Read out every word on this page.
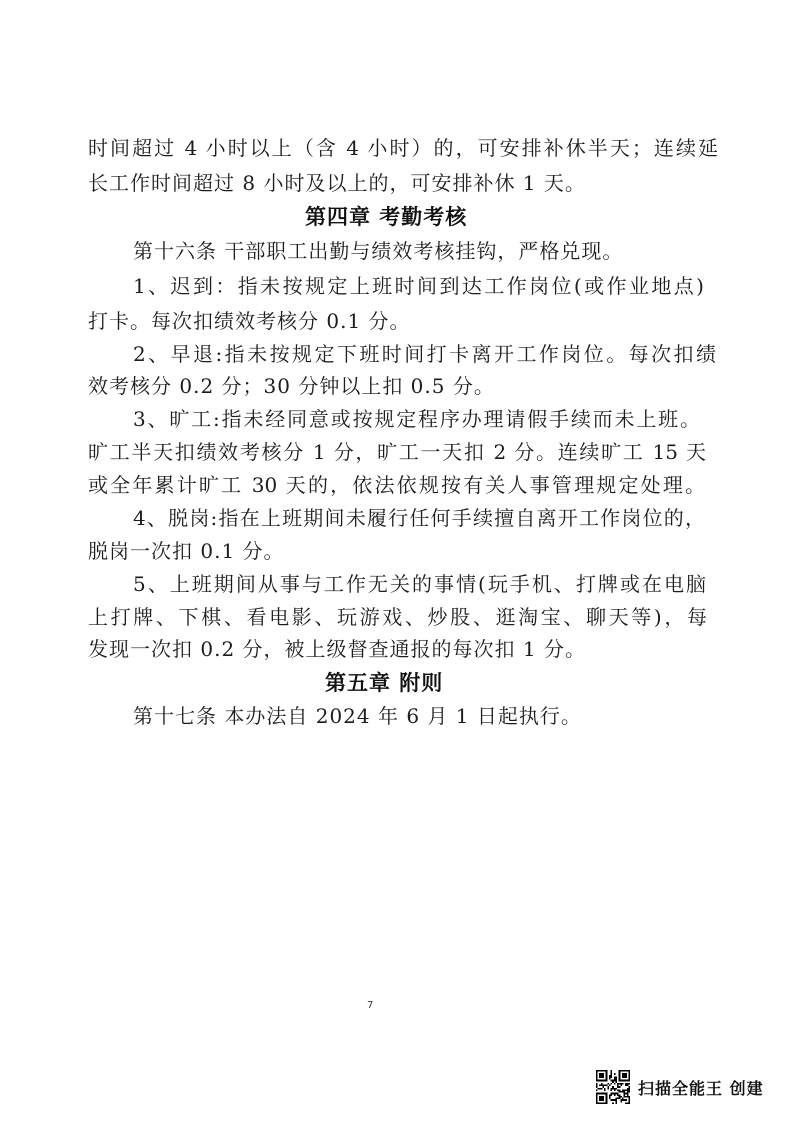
时间超过 4 小时以上（含 4 小时）的，可安排补休半天；连续延
长工作时间超过 8 小时及以上的，可安排补休 1 天。
第四章 考勤考核
第十六条 干部职工出勤与绩效考核挂钩，严格兑现。
1、迟到：指未按规定上班时间到达工作岗位(或作业地点)
打卡。每次扣绩效考核分 0.1 分。
2、早退:指未按规定下班时间打卡离开工作岗位。每次扣绩
效考核分 0.2 分；30 分钟以上扣 0.5 分。
3、旷工:指未经同意或按规定程序办理请假手续而未上班。
旷工半天扣绩效考核分 1 分，旷工一天扣 2 分。连续旷工 15 天
或全年累计旷工 30 天的，依法依规按有关人事管理规定处理。
4、脱岗:指在上班期间未履行任何手续擅自离开工作岗位的，
脱岗一次扣 0.1 分。
5、上班期间从事与工作无关的事情(玩手机、打牌或在电脑
上打牌、下棋、看电影、玩游戏、炒股、逛淘宝、聊天等)，每
发现一次扣 0.2 分，被上级督查通报的每次扣 1 分。
第五章 附则
第十七条 本办法自 2024 年 6 月 1 日起执行。
7
扫描全能王 创建
